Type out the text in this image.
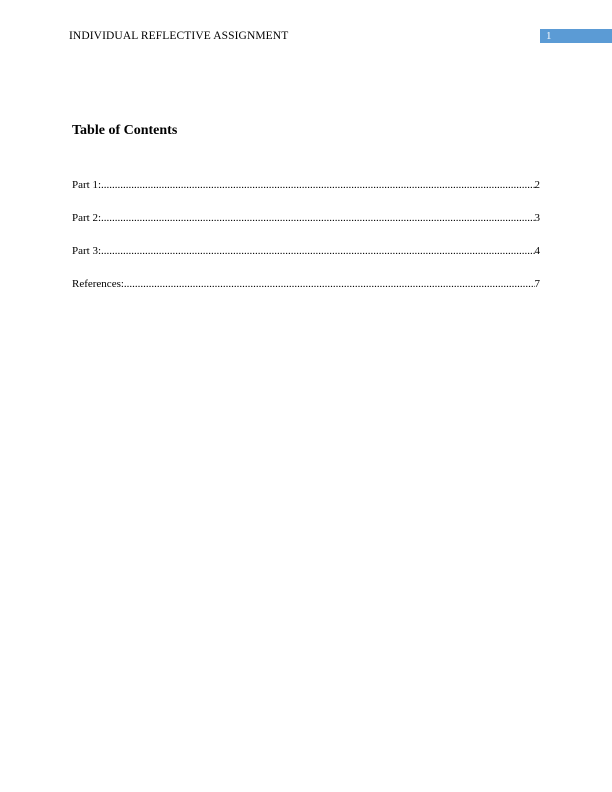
INDIVIDUAL REFLECTIVE ASSIGNMENT	1
Table of Contents
Part 1: .....	2
Part 2: .....	3
Part 3: .....	4
References: .....	7
